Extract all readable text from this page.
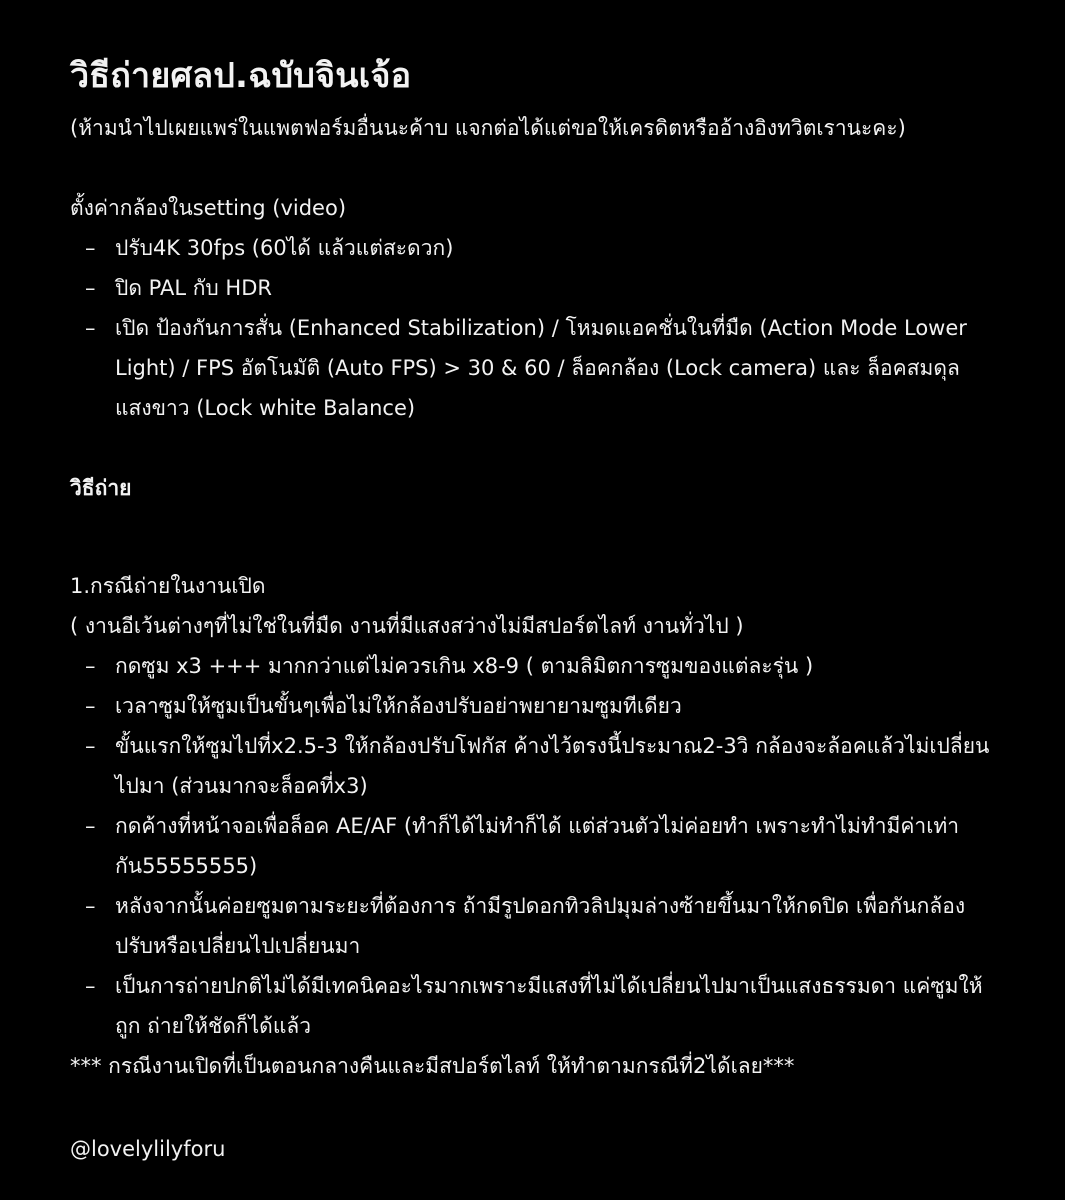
วิธีถ่ายศลป.ฉบับจินเจ้อ
(ห้ามนำไปเผยแพร่ในแพตฟอร์มอื่นนะค้าบ แจกต่อได้แต่ขอให้เครดิตหรืออ้างอิงทวิตเรานะคะ)
ตั้งค่ากล้องในsetting (video)
– ปรับ4K 30fps (60ได้ แล้วแต่สะดวก)
– ปิด PAL กับ HDR
– เปิด ป้องกันการสั่น (Enhanced Stabilization) / โหมดแอคชั่นในที่มืด (Action Mode Lower Light) / FPS อัตโนมัติ (Auto FPS) > 30 & 60 / ล็อคกล้อง (Lock camera) และ ล็อคสมดุลแสงขาว (Lock white Balance)
วิธีถ่าย
1.กรณีถ่ายในงานเปิด
( งานอีเว้นต่างๆที่ไม่ใช่ในที่มืด งานที่มีแสงสว่างไม่มีสปอร์ตไลท์ งานทั่วไป )
– กดซูม x3 +++ มากกว่าแต่ไม่ควรเกิน x8-9 ( ตามลิมิตการซูมของแต่ละรุ่น )
– เวลาซูมให้ซูมเป็นขั้นๆเพื่อไม่ให้กล้องปรับอย่าพยายามซูมทีเดียว
– ขั้นแรกให้ซูมไปที่x2.5-3 ให้กล้องปรับโฟกัส ค้างไว้ตรงนี้ประมาณ2-3วิ กล้องจะล้อคแล้วไม่เปลี่ยนไปมา (ส่วนมากจะล็อคที่x3)
– กดค้างที่หน้าจอเพื่อล็อค AE/AF (ทำก็ได้ไม่ทำก็ได้ แต่ส่วนตัวไม่ค่อยทำ เพราะทำไม่ทำมีค่าเท่ากัน55555555)
– หลังจากนั้นค่อยซูมตามระยะที่ต้องการ ถ้ามีรูปดอกทิวลิปมุมล่างซ้ายขึ้นมาให้กดปิด เพื่อกันกล้องปรับหรือเปลี่ยนไปเปลี่ยนมา
– เป็นการถ่ายปกติไม่ได้มีเทคนิคอะไรมากเพราะมีแสงที่ไม่ได้เปลี่ยนไปมาเป็นแสงธรรมดา แค่ซูมให้ถูก ถ่ายให้ชัดก็ได้แล้ว
*** กรณีงานเปิดที่เป็นตอนกลางคืนและมีสปอร์ตไลท์ ให้ทำตามกรณีที่2ได้เลย***
@lovelylilyforu
